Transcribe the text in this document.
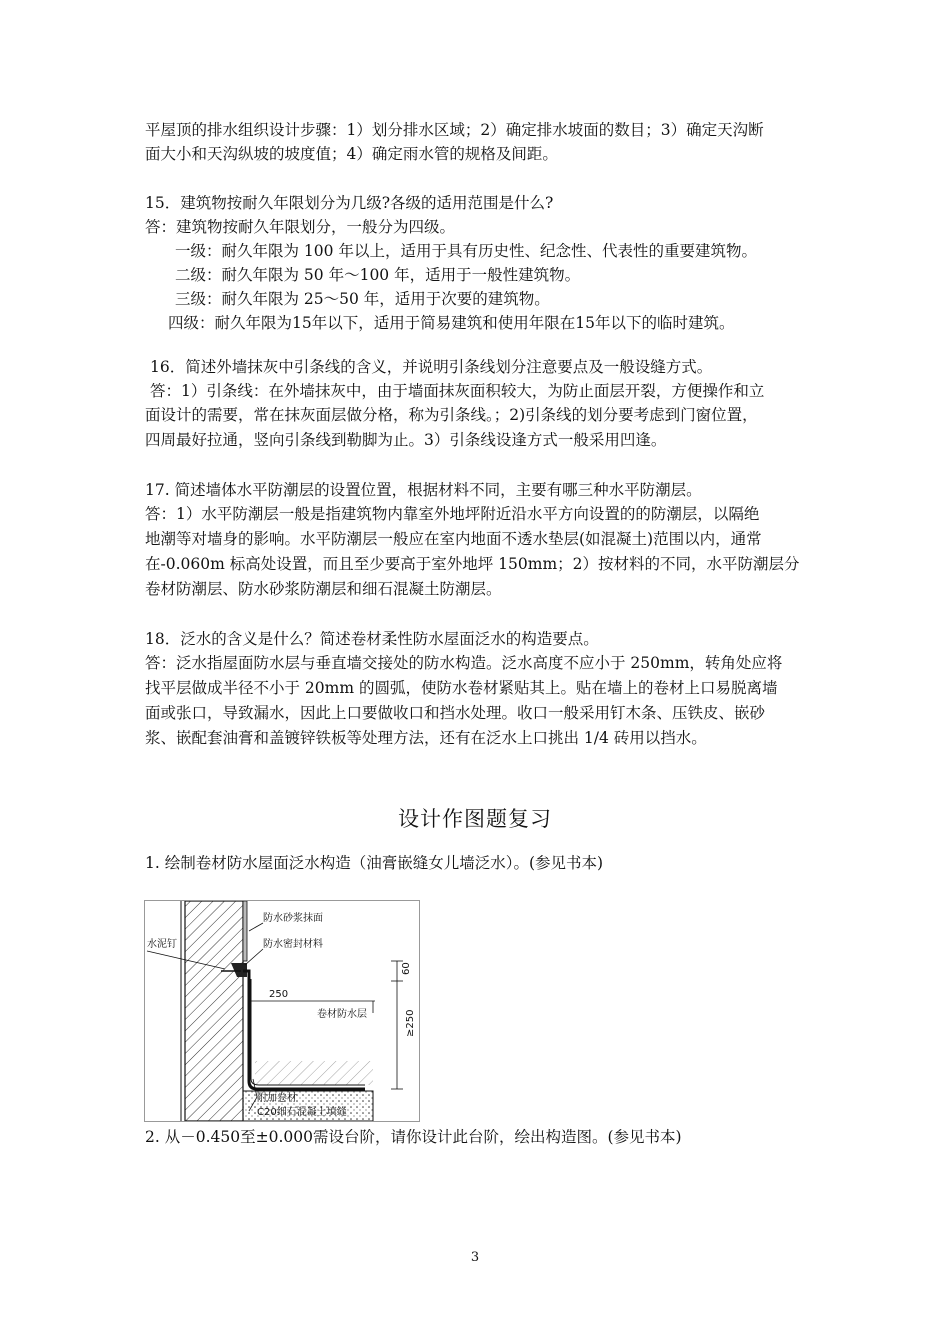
平屋顶的排水组织设计步骤：1）划分排水区域；2）确定排水坡面的数目；3）确定天沟断
面大小和天沟纵坡的坡度值；4）确定雨水管的规格及间距。
15．建筑物按耐久年限划分为几级?各级的适用范围是什么?
答：建筑物按耐久年限划分，一般分为四级。
一级：耐久年限为 100 年以上，适用于具有历史性、纪念性、代表性的重要建筑物。
二级：耐久年限为 50 年～100 年，适用于一般性建筑物。
三级：耐久年限为 25～50 年，适用于次要的建筑物。
四级：耐久年限为15年以下，适用于简易建筑和使用年限在15年以下的临时建筑。
16．简述外墙抹灰中引条线的含义，并说明引条线划分注意要点及一般设缝方式。
答：1）引条线：在外墙抹灰中，由于墙面抹灰面积较大，为防止面层开裂，方便操作和立
面设计的需要，常在抹灰面层做分格，称为引条线。；2)引条线的划分要考虑到门窗位置，
四周最好拉通，竖向引条线到勒脚为止。3）引条线设逢方式一般采用凹逢。
17. 简述墙体水平防潮层的设置位置，根据材料不同，主要有哪三种水平防潮层。
答：1）水平防潮层一般是指建筑物内靠室外地坪附近沿水平方向设置的的防潮层，以隔绝
地潮等对墙身的影响。水平防潮层一般应在室内地面不透水垫层(如混凝土)范围以内，通常
在-0.060m 标高处设置，而且至少要高于室外地坪 150mm；2）按材料的不同，水平防潮层分
卷材防潮层、防水砂浆防潮层和细石混凝土防潮层。
18．泛水的含义是什么？简述卷材柔性防水屋面泛水的构造要点。
答：泛水指屋面防水层与垂直墙交接处的防水构造。泛水高度不应小于 250mm，转角处应将
找平层做成半径不小于 20mm 的圆弧，使防水卷材紧贴其上。贴在墙上的卷材上口易脱离墙
面或张口，导致漏水，因此上口要做收口和挡水处理。收口一般采用钉木条、压铁皮、嵌砂
浆、嵌配套油膏和盖镀锌铁板等处理方法，还有在泛水上口挑出 1/4 砖用以挡水。
设计作图题复习
1. 绘制卷材防水屋面泛水构造（油膏嵌缝女儿墙泛水）。(参见书本)
防水砂浆抹面
防水密封材料
水泥钉
250
卷材防水层
60
≥250
附加卷材
C20细石混凝土填缝
2. 从－0.450至±0.000需设台阶，请你设计此台阶，绘出构造图。(参见书本)
3
